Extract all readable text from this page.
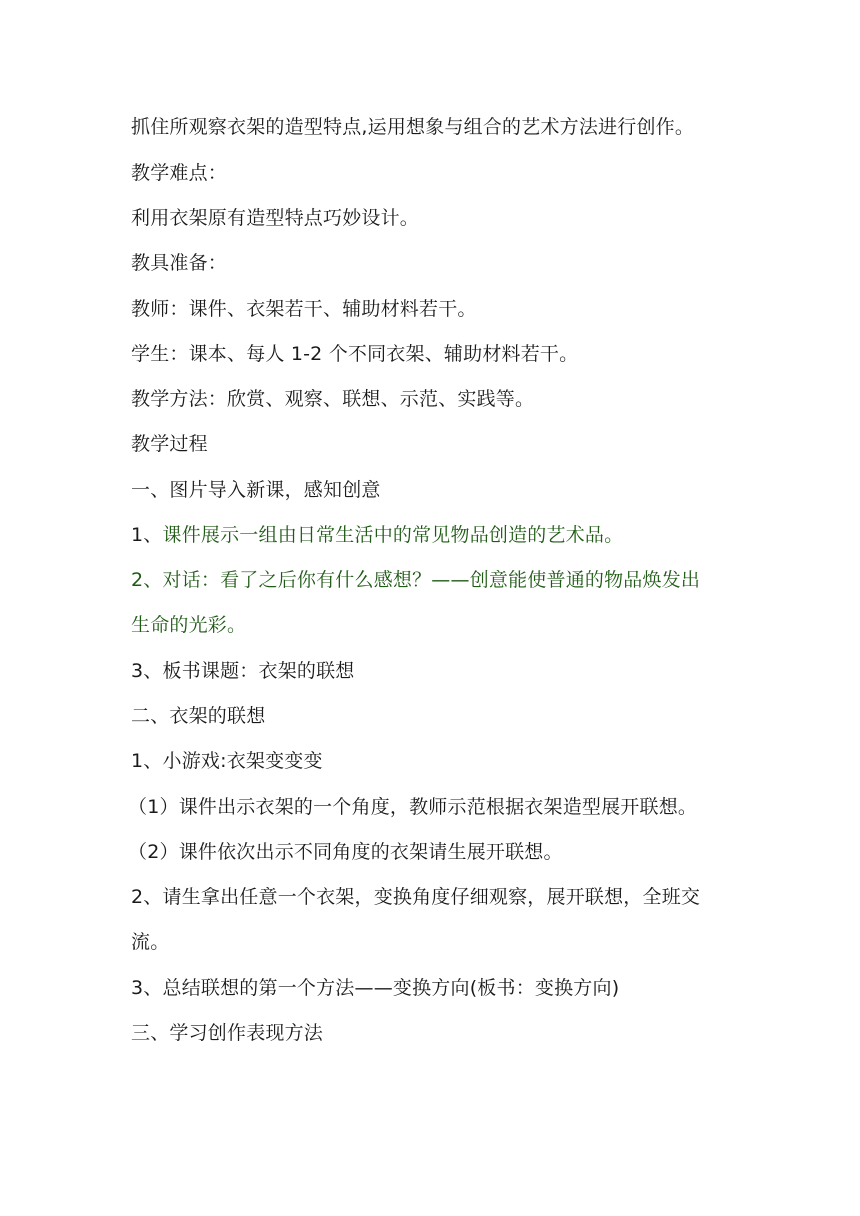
抓住所观察衣架的造型特点,运用想象与组合的艺术方法进行创作。
教学难点：
利用衣架原有造型特点巧妙设计。
教具准备：
教师：课件、衣架若干、辅助材料若干。
学生：课本、每人 1-2 个不同衣架、辅助材料若干。
教学方法：欣赏、观察、联想、示范、实践等。
教学过程
一、图片导入新课，感知创意
1、课件展示一组由日常生活中的常见物品创造的艺术品。
2、对话：看了之后你有什么感想？——创意能使普通的物品焕发出
生命的光彩。
3、板书课题：衣架的联想
二、衣架的联想
1、小游戏:衣架变变变
（1）课件出示衣架的一个角度，教师示范根据衣架造型展开联想。
（2）课件依次出示不同角度的衣架请生展开联想。
2、请生拿出任意一个衣架，变换角度仔细观察，展开联想，全班交
流。
3、总结联想的第一个方法——变换方向(板书：变换方向)
三、学习创作表现方法
